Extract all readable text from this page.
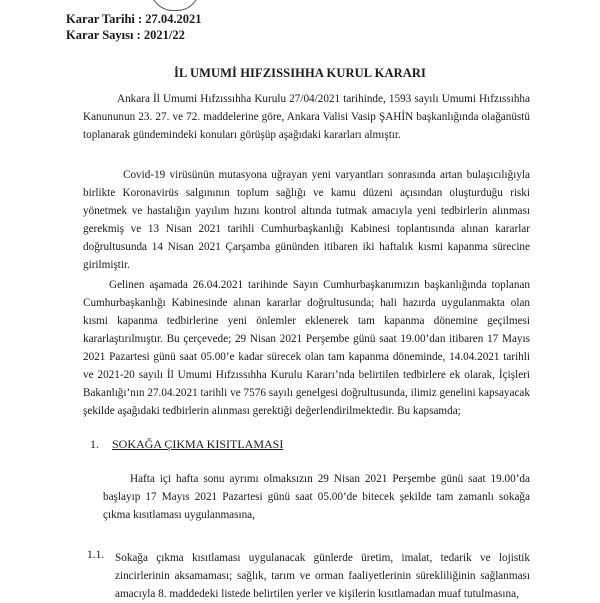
Karar Tarihi : 27.04.2021
Karar Sayısı : 2021/22
İL UMUMİ HIFZISSIHHA KURUL KARARI

Ankara İl Umumi Hıfzıssıhha Kurulu 27/04/2021 tarihinde, 1593 sayılı Umumi Hıfzıssıhha Kanununun 23. 27. ve 72. maddelerine göre, Ankara Valisi Vasip ŞAHİN başkanlığında olağanüstü toplanarak gündemindeki konuları görüşüp aşağıdaki kararları almıştır.

Covid-19 virüsünün mutasyona uğrayan yeni varyantları sonrasında artan bulaşıcılığıyla birlikte Koronavirüs salgınının toplum sağlığı ve kamu düzeni açısından oluşturduğu riski yönetmek ve hastalığın yayılım hızını kontrol altında tutmak amacıyla yeni tedbirlerin alınması gerekmiş ve 13 Nisan 2021 tarihli Cumhurbaşkanlığı Kabinesi toplantısında alınan kararlar doğrultusunda 14 Nisan 2021 Çarşamba gününden itibaren iki haftalık kısmi kapanma sürecine girilmiştir.

Gelinen aşamada 26.04.2021 tarihinde Sayın Cumhurbaşkanımızın başkanlığında toplanan Cumhurbaşkanlığı Kabinesinde alınan kararlar doğrultusunda; hali hazırda uygulanmakta olan kısmi kapanma tedbirlerine yeni önlemler eklenerek tam kapanma dönemine geçilmesi kararlaştırılmıştır. Bu çerçevede; 29 Nisan 2021 Perşembe günü saat 19.00’dan itibaren 17 Mayıs 2021 Pazartesi günü saat 05.00’e kadar sürecek olan tam kapanma döneminde, 14.04.2021 tarihli ve 2021-20 sayılı İl Umumi Hıfzıssıhha Kurulu Kararı’nda belirtilen tedbirlere ek olarak, İçişleri Bakanlığı’nın 27.04.2021 tarihli ve 7576 sayılı genelgesi doğrultusunda, ilimiz genelini kapsayacak şekilde aşağıdaki tedbirlerin alınması gerektiği değerlendirilmektedir. Bu kapsamda;

1. SOKAĞA ÇIKMA KISITLAMASI

Hafta içi hafta sonu ayrımı olmaksızın 29 Nisan 2021 Perşembe günü saat 19.00’da başlayıp 17 Mayıs 2021 Pazartesi günü saat 05.00’de bitecek şekilde tam zamanlı sokağa çıkma kısıtlaması uygulanmasına,

1.1. Sokağa çıkma kısıtlaması uygulanacak günlerde üretim, imalat, tedarik ve lojistik zincirlerinin aksamaması; sağlık, tarım ve orman faaliyetlerinin sürekliliğinin sağlanması amacıyla 8. maddedeki listede belirtilen yerler ve kişilerin kısıtlamadan muaf tutulmasına,
